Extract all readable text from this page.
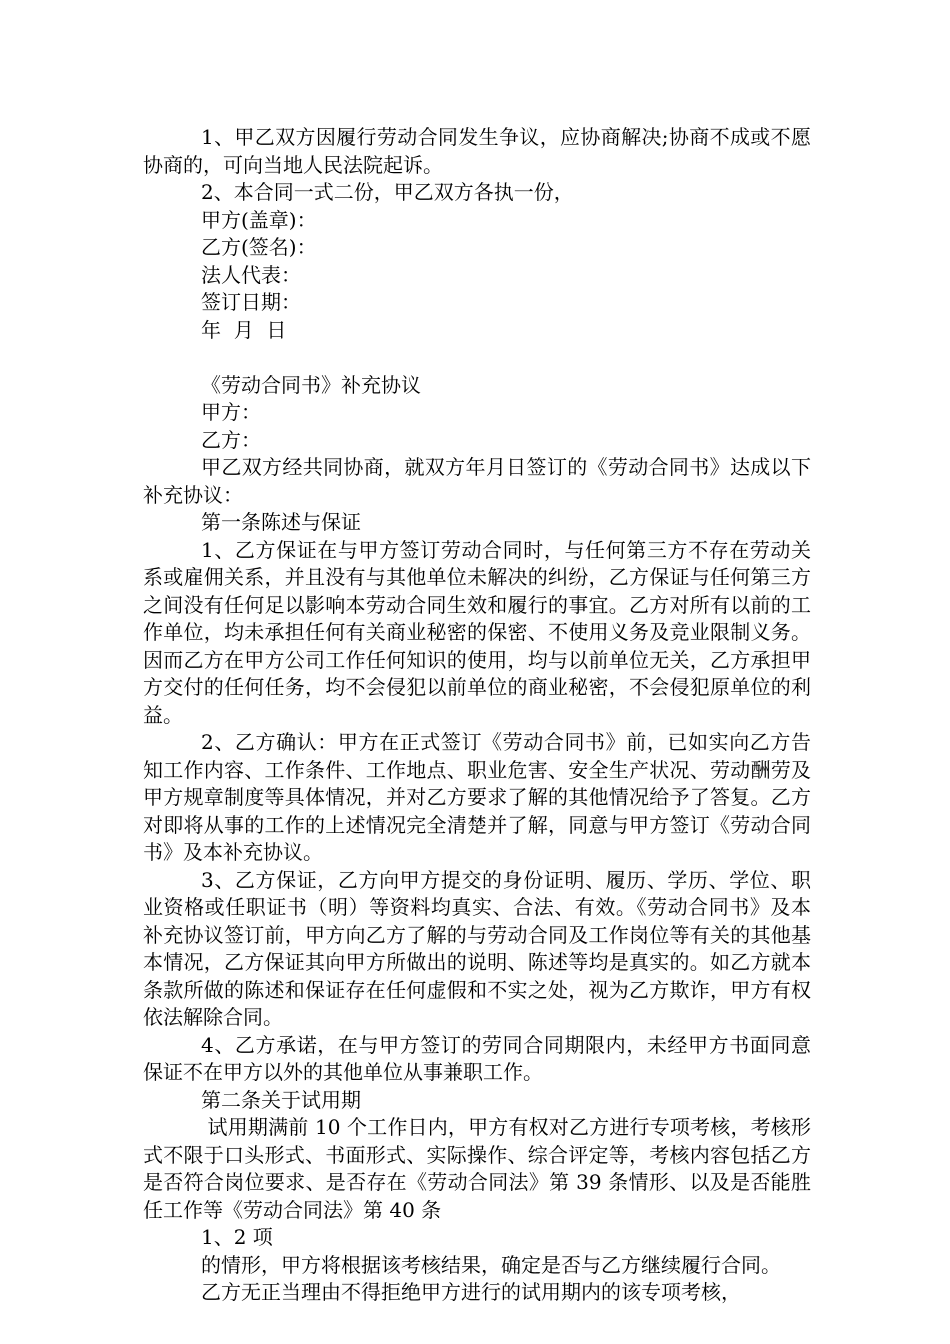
1、甲乙双方因履行劳动合同发生争议，应协商解决;协商不成或不愿协商的，可向当地人民法院起诉。

2、本合同一式二份，甲乙双方各执一份，

甲方(盖章)：

乙方(签名)：

法人代表：

签订日期：

年  月  日

《劳动合同书》补充协议

甲方：

乙方：

甲乙双方经共同协商，就双方年月日签订的《劳动合同书》达成以下补充协议：

第一条陈述与保证

1、乙方保证在与甲方签订劳动合同时，与任何第三方不存在劳动关系或雇佣关系，并且没有与其他单位未解决的纠纷，乙方保证与任何第三方之间没有任何足以影响本劳动合同生效和履行的事宜。乙方对所有以前的工作单位，均未承担任何有关商业秘密的保密、不使用义务及竞业限制义务。因而乙方在甲方公司工作任何知识的使用，均与以前单位无关，乙方承担甲方交付的任何任务，均不会侵犯以前单位的商业秘密，不会侵犯原单位的利益。

2、乙方确认：甲方在正式签订《劳动合同书》前，已如实向乙方告知工作内容、工作条件、工作地点、职业危害、安全生产状况、劳动酬劳及甲方规章制度等具体情况，并对乙方要求了解的其他情况给予了答复。乙方对即将从事的工作的上述情况完全清楚并了解，同意与甲方签订《劳动合同书》及本补充协议。

3、乙方保证，乙方向甲方提交的身份证明、履历、学历、学位、职业资格或任职证书（明）等资料均真实、合法、有效。《劳动合同书》及本补充协议签订前，甲方向乙方了解的与劳动合同及工作岗位等有关的其他基本情况，乙方保证其向甲方所做出的说明、陈述等均是真实的。如乙方就本条款所做的陈述和保证存在任何虚假和不实之处，视为乙方欺诈，甲方有权依法解除合同。

4、乙方承诺，在与甲方签订的劳同合同期限内，未经甲方书面同意保证不在甲方以外的其他单位从事兼职工作。

第二条关于试用期

试用期满前 10 个工作日内，甲方有权对乙方进行专项考核，考核形式不限于口头形式、书面形式、实际操作、综合评定等，考核内容包括乙方是否符合岗位要求、是否存在《劳动合同法》第 39 条情形、以及是否能胜任工作等《劳动合同法》第 40 条

1、2 项

的情形，甲方将根据该考核结果，确定是否与乙方继续履行合同。

乙方无正当理由不得拒绝甲方进行的试用期内的该专项考核，
